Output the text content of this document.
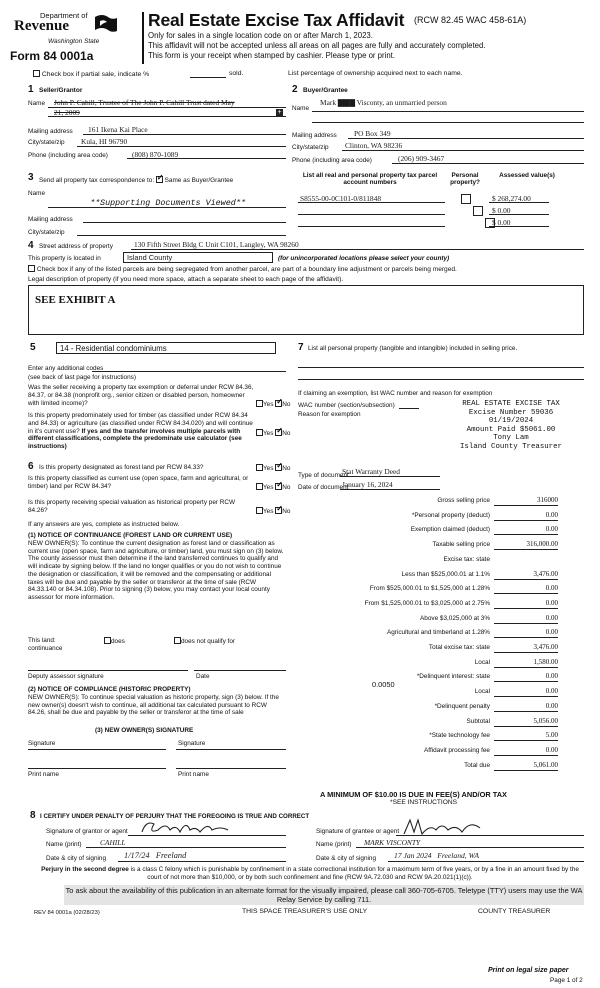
Department of
Revenue
Washington State
Form 84 0001a
Real Estate Excise Tax Affidavit (RCW 82.45 WAC 458-61A)
Only for sales in a single location code on or after March 1, 2023.
This affidavit will not be accepted unless all areas on all pages are fully and accurately completed.
This form is your receipt when stamped by cashier. Please type or print.
Check box if partial sale, indicate %	sold.	List percentage of ownership acquired next to each name.
1 Seller/Grantor
Name John P. Cahill, Trustee of The John P. Cahill Trust dated May
21, 2009	+
Mailing address 161 Ikena Kai Place
City/state/zip Kula, HI 96790
Phone (including area code)	(808) 870-1089
2 Buyer/Grantee
Name
Mark ▇▇▇ Visconty, an unmarried person
Mailing address PO Box 349
City/state/zip Clinton, WA 98236
Phone (including area code)	(206) 909-3467
3 Send all property tax correspondence to: ✓ Same as Buyer/Grantee
Name
**Supporting Documents Viewed**
Mailing address
City/state/zip
List all real and personal property tax parcel account numbers
Personal property?
Assessed value(s)
S8555-00-0C101-0/811848
	$ 268,274.00
$ 0.00
$ 0.00
4 Street address of property	130 Fifth Street Bldg C Unit C101, Langley, WA 98260
This property is located in	Island County	(for unincorporated locations please select your county)
Check box if any of the listed parcels are being segregated from another parcel, are part of a boundary line adjustment or parcels being merged.
Legal description of property (if you need more space, attach a separate sheet to each page of the affidavit).
SEE EXHIBIT A
5	14 - Residential condominiums
Enter any additional codes
(see back of last page for instructions)
Was the seller receiving a property tax exemption or deferral under RCW 84.36, 84.37, or 84.38 (nonprofit org., senior citizen or disabled person, homeowner with limited income)?	Yes ✓ No
Is this property predominately used for timber (as classified under RCW 84.34 and 84.33) or agriculture (as classified under RCW 84.34.020) and will continue in it's current use? If yes and the transfer involves multiple parcels with different classifications, complete the predominate use calculator (see instructions)
Yes ✓ No
6 Is this property designated as forest land per RCW 84.33?	Yes ✓ No
Is this property classified as current use (open space, farm and agricultural, or timber) land per RCW 84.34?	Yes ✓ No
Is this property receiving special valuation as historical property per RCW 84.26?	Yes ✓ No
If any answers are yes, complete as instructed below.
(1) NOTICE OF CONTINUANCE (FOREST LAND OR CURRENT USE)
NEW OWNER(S): To continue the current designation as forest land or classification as current use (open space, farm and agriculture, or timber) land, you must sign on (3) below. The county assessor must then determine if the land transferred continues to qualify and will indicate by signing below. If the land no longer qualifies or you do not wish to continue the designation or classification, it will be removed and the compensating or additional taxes will be due and payable by the seller or transferor at the time of sale (RCW 84.33.140 or 84.34.108). Prior to signing (3) below, you may contact your local county assessor for more information.
This land:
continuance
does	does not qualify for
Deputy assessor signature	Date
(2) NOTICE OF COMPLIANCE (HISTORIC PROPERTY)
NEW OWNER(S): To continue special valuation as historic property, sign (3) below. If the new owner(s) doesn't wish to continue, all additional tax calculated pursuant to RCW 84.26, shall be due and payable by the seller or transferor at the time of sale
(3) NEW OWNER(S) SIGNATURE
Signature	Signature
Print name	Print name
7 List all personal property (tangible and intangible) included in selling price.
If claiming an exemption, list WAC number and reason for exemption
WAC number (section/subsection)
Reason for exemption
REAL ESTATE EXCISE TAX
Excise Number 59036
01/19/2024
Amount Paid $5061.00
Tony Lam
Island County Treasurer
Type of document
Stat Warranty Deed
Date of document
January 16, 2024
Gross selling price	316000
*Personal property (deduct)	0.00
Exemption claimed (deduct)	0.00
Taxable selling price	316,000.00
Excise tax: state
Less than $525,000.01 at 1.1%	3,476.00
From $525,000.01 to $1,525,000 at 1.28%	0.00
From $1,525,000.01 to $3,025,000 at 2.75%	0.00
Above $3,025,000 at 3%	0.00
Agricultural and timberland at 1.28%	0.00
Total excise tax: state	3,476.00
Local	1,580.00
*Delinquent interest: state	0.00
Local	0.00
*Delinquent penalty	0.00
Subtotal	5,056.00
*State technology fee	5.00
Affidavit processing fee	0.00
Total due	5,061.00
0.0050
A MINIMUM OF $10.00 IS DUE IN FEE(S) AND/OR TAX
*SEE INSTRUCTIONS
8 I CERTIFY UNDER PENALTY OF PERJURY THAT THE FOREGOING IS TRUE AND CORRECT
Signature of grantor or agent
Name (print) CAHILL
Date & city of signing 1/17/24   Freeland
Signature of grantee or agent
Name (print) MARK VISCONTY
Date & city of signing 17 Jan 2024   Freeland, WA
Perjury in the second degree is a class C felony which is punishable by confinement in a state correctional institution for a maximum term of five years, or by a fine in an amount fixed by the court of not more than $10,000, or by both such confinement and fine (RCW 9A.72.030 and RCW 9A.20.021(1)(c)).
To ask about the availability of this publication in an alternate format for the visually impaired, please call 360-705-6705. Teletype (TTY) users may use the WA Relay Service by calling 711.
REV 84 0001a (02/28/23)	THIS SPACE TREASURER'S USE ONLY	COUNTY TREASURER
Print on legal size paper
Page 1 of 2
